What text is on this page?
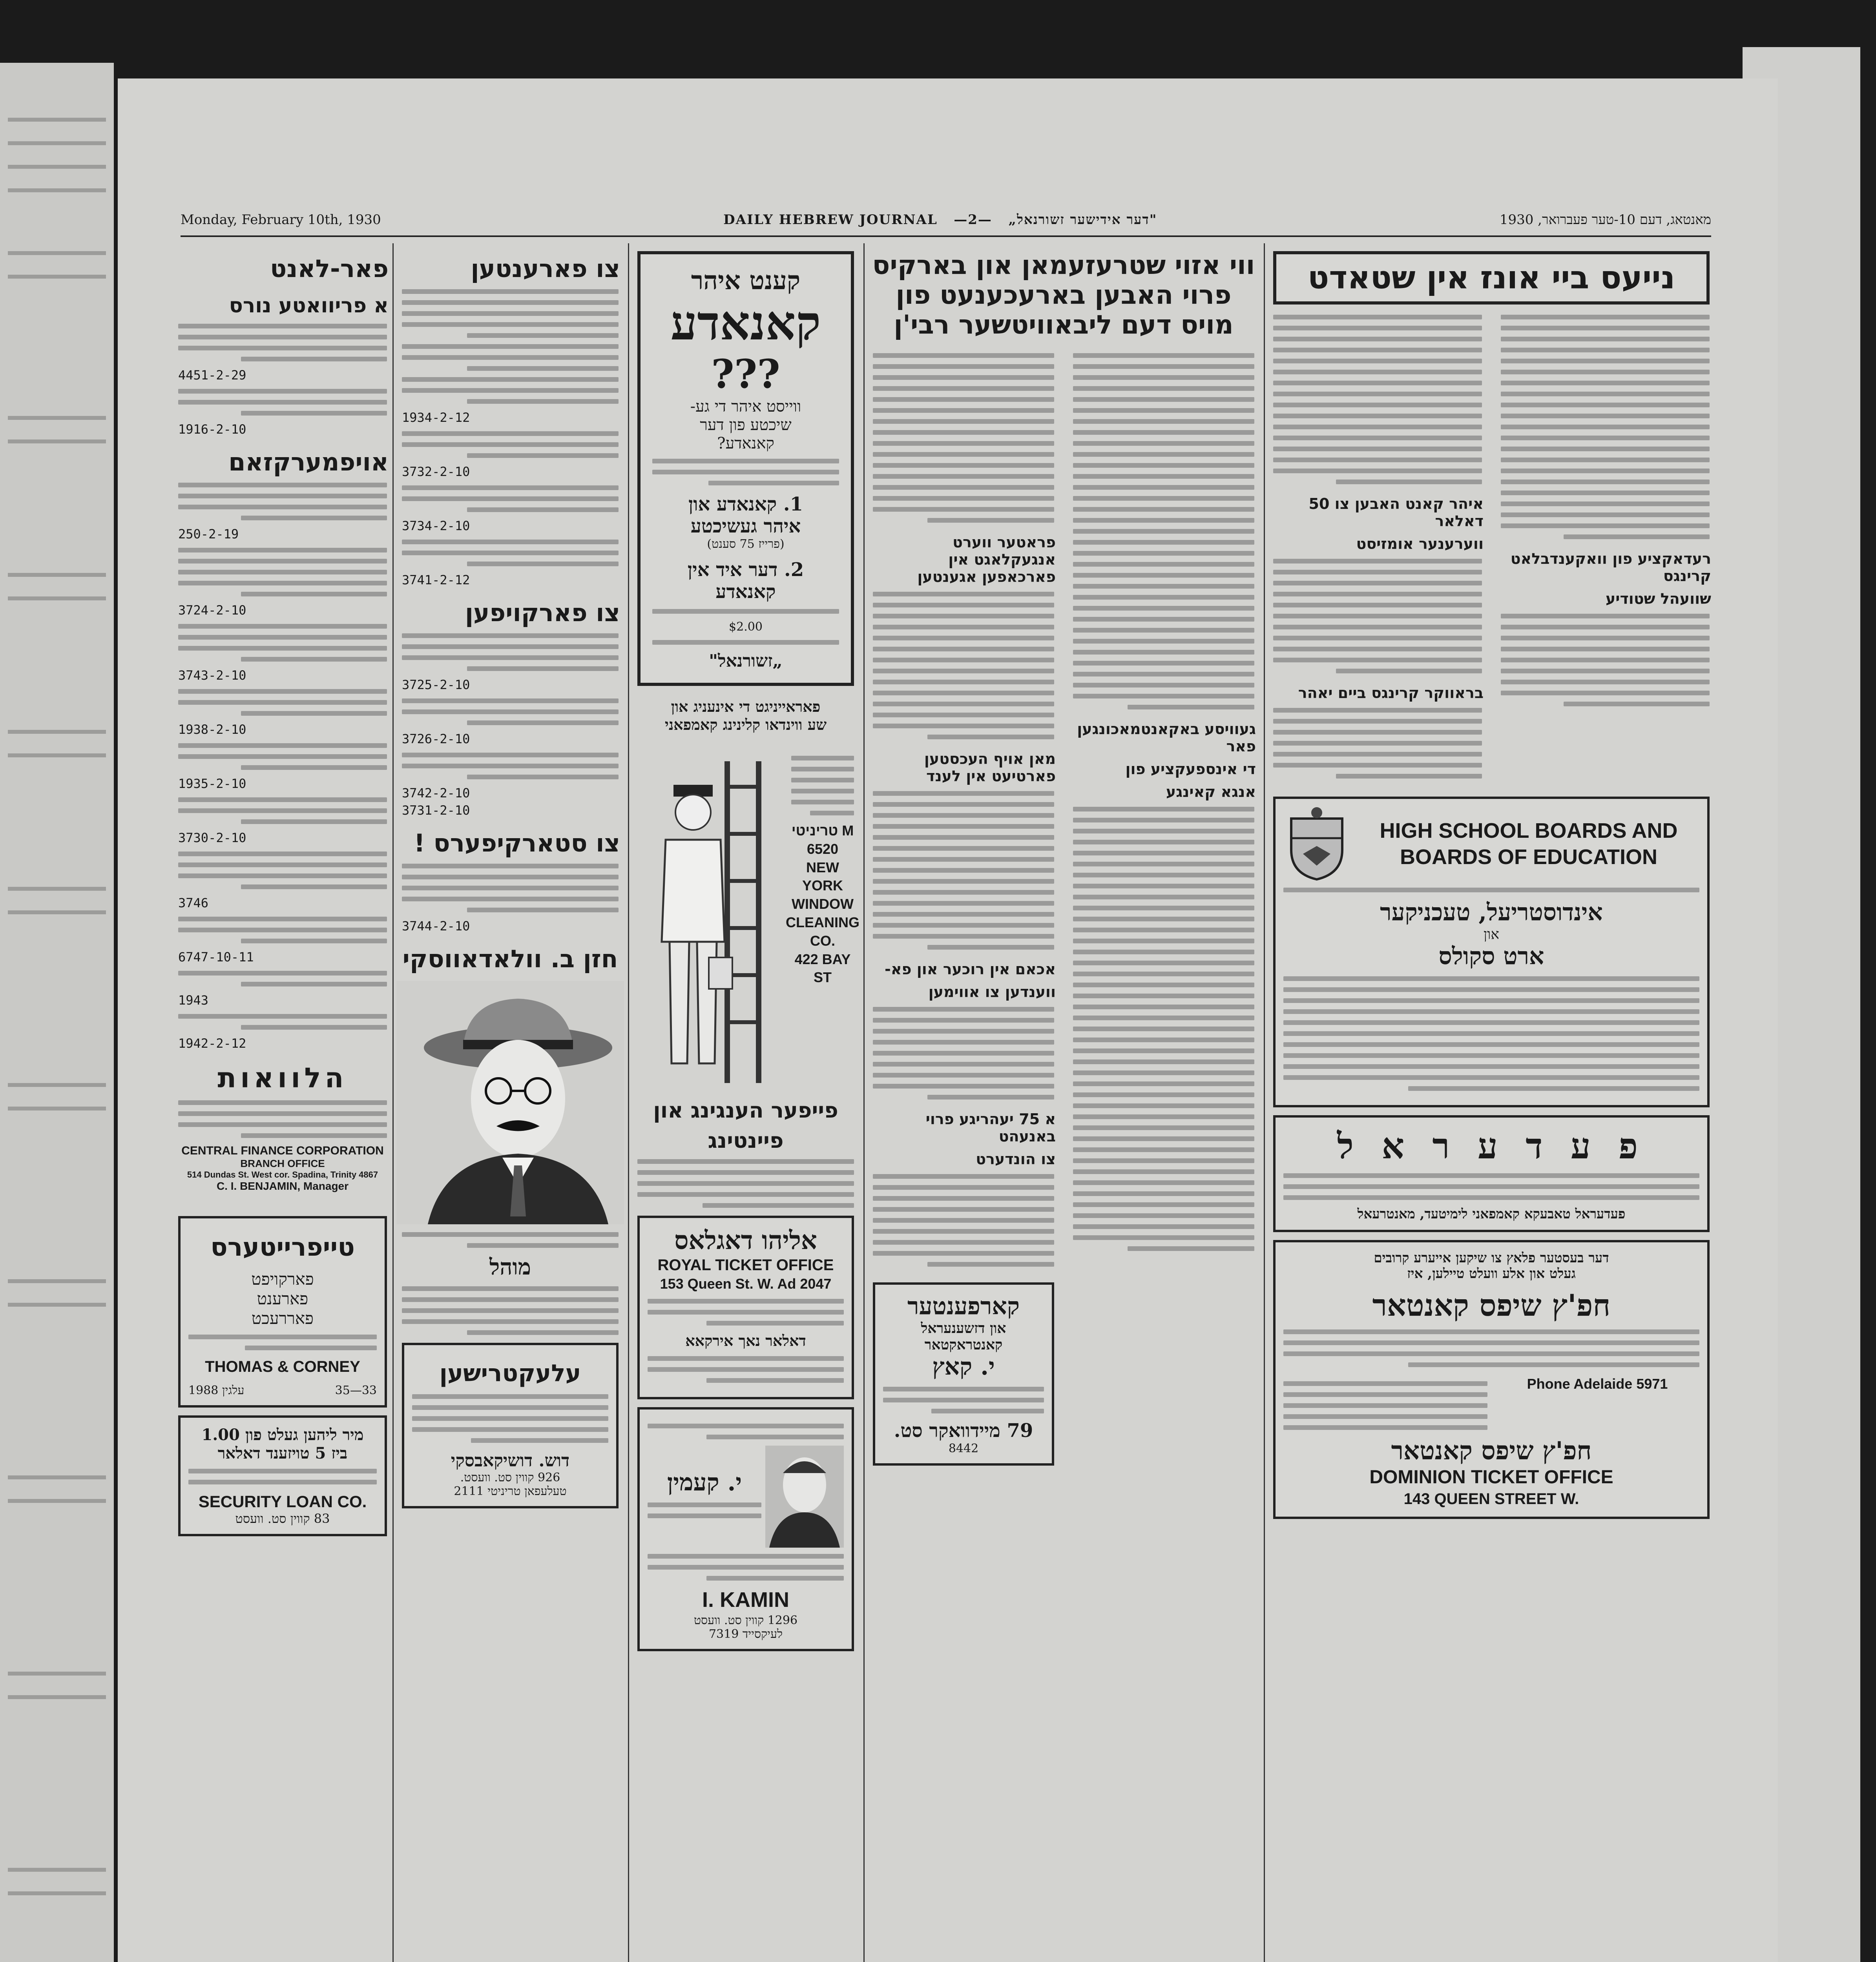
Monday, February 10th, 1930	DAILY HEBREW JOURNAL —2— „דער אידישער זשורנאל"	מאנטאג, דעם 10-טער פעברואר, 1930
פאר-לאנט
א פריוואטע נורס
4451-2-29
1916-2-10
אויפמערקזאם
250-2-19
3724-2-10
3743-2-10
1938-2-10
1935-2-10
3730-2-10
3746
6747-10-11
1943
1942-2-12
הלוואות
CENTRAL FINANCE CORPORATION
BRANCH OFFICE
514 Dundas St. West cor. Spadina, Trinity 4867
C. I. BENJAMIN, Manager
טייפרייטערס
פארקויפט
פארענט
פאררעכט
THOMAS & CORNEY
עלגין 1988	35—33
מיר ליהען געלט פון 1.00
ביז 5 טויזענד דאלאר
SECURITY LOAN CO.
83 קווין סט. וועסט
צו פארענטען
1934-2-12
3732-2-10
3734-2-10
3741-2-12
צו פארקויפען
3725-2-10
3726-2-10
3742-2-10
3731-2-10
צו סטארקיפערס !
3744-2-10
חזן ב. וולאדאווסקי
מוהל
עלעקטרישען
דוש. דושיקאבסקי
926 קווין סט. וועסט.
טעלעפאן טריניטי 2111
קענט איהר
קאנאדע
???
ווייסט איהר די גע-
שיכטע פון דער
קאנאדע?
1. קאנאדע און
איהר געשיכטע
(פרייז 75 סענט)
2. דער איד אין
קאנאדע
$2.00
„זשורנאל"
פאראייניגט די אינעניג און
שע ווינדאו קלינינג קאמפאני
טריניטי M 6520
NEW YORK
WINDOW
CLEANING CO.
422 BAY ST
פייפער הענגינג און
פיינטינג
אליהו דאגלאס
ROYAL TICKET OFFICE
153 Queen St. W. Ad 2047
דאלאר נאך אירקאא
י. קעמין
I. KAMIN
1296 קווין סט. וועסט
לעיקסייד 7319
ווי אזוי שטרעזעמאן און בארקיס פרוי האבען בארעכענעט פון מויס דעם ליבאוויטשער רבי'ן
פראטער ווערט אנגעקלאגט אין פארכאפען אגענטען
מאן אויף העכסטען פארטיעט אין לענד
אכאם אין רוכער און פא-
ווענדען צו אווימען
א 75 יעהריגע פרוי באנעהט
צו הונדערט
קארפענטער
און דזשענעראל קאנטראקטאר
י. קאץ
79 מיידוואקר סט.
8442
געוויסע באקאנטמאכונגען פאר
די אינספעקציע פון
אנגא קאינגע
נייעס ביי אונז אין שטאדט
איהר קאנט האבען צו 50 דאלאר
ווערענער אומזיסט
בראווקר קרינגס ביים יאהר
רעדאקציע פון וואקענדבלאט קרינגס
שוועהל שטודיע
HIGH SCHOOL BOARDS AND
BOARDS OF EDUCATION
אינדוסטריעל, טעכניקער
און
ארט סקולס
פ ע ד ע ר א ל
פעדעראל טאבעקא קאמפאני לימיטעד, מאנטרעאל
דער בעסטער פלאץ צו שיקען אייערע קרובים
געלט און אלע וועלט טיילען, איז
חפ'ץ שיפס קאנטאר
Phone Adelaide 5971
חפ'ץ שיפס קאנטאר
DOMINION TICKET OFFICE
143 QUEEN STREET W.
